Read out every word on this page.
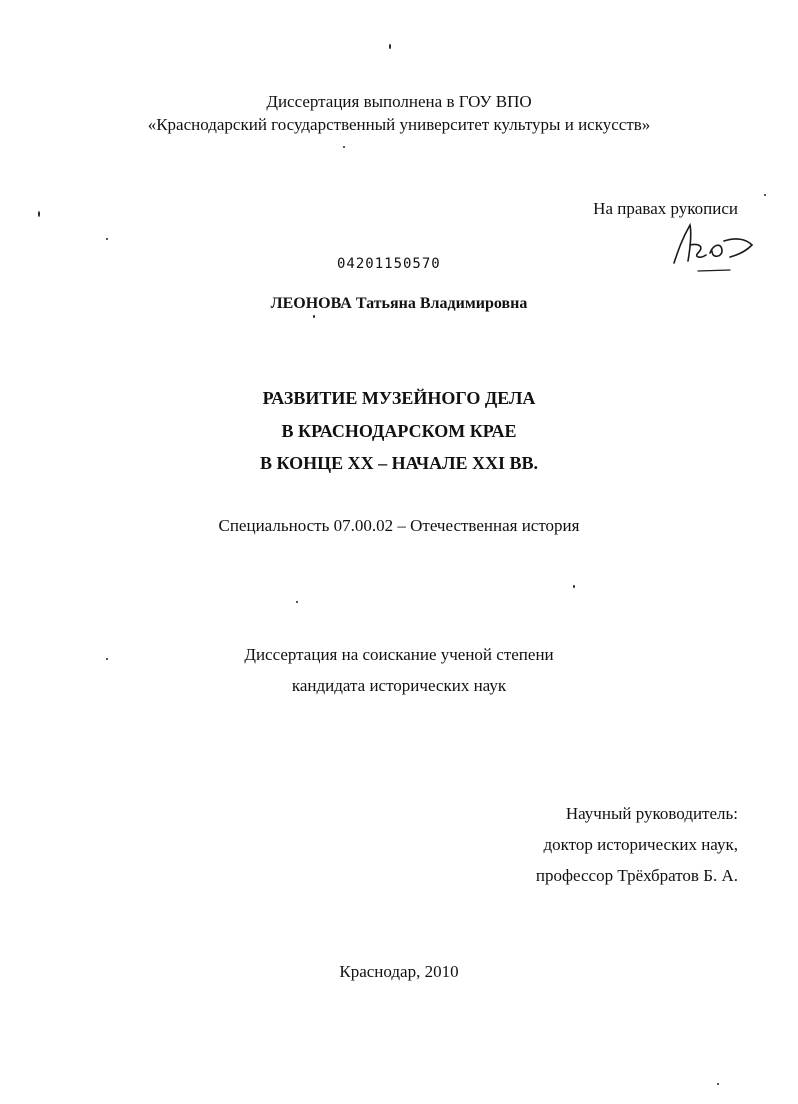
Диссертация выполнена в ГОУ ВПО
«Краснодарский государственный университет культуры и искусств»
На правах рукописи
04201150570
ЛЕОНОВА Татьяна Владимировна
РАЗВИТИЕ МУЗЕЙНОГО ДЕЛА
В КРАСНОДАРСКОМ КРАЕ
В КОНЦЕ XX – НАЧАЛЕ XXI ВВ.
Специальность 07.00.02 – Отечественная история
Диссертация на соискание ученой степени
кандидата исторических наук
Научный руководитель:
доктор исторических наук,
профессор Трёхбратов Б. А.
Краснодар, 2010
